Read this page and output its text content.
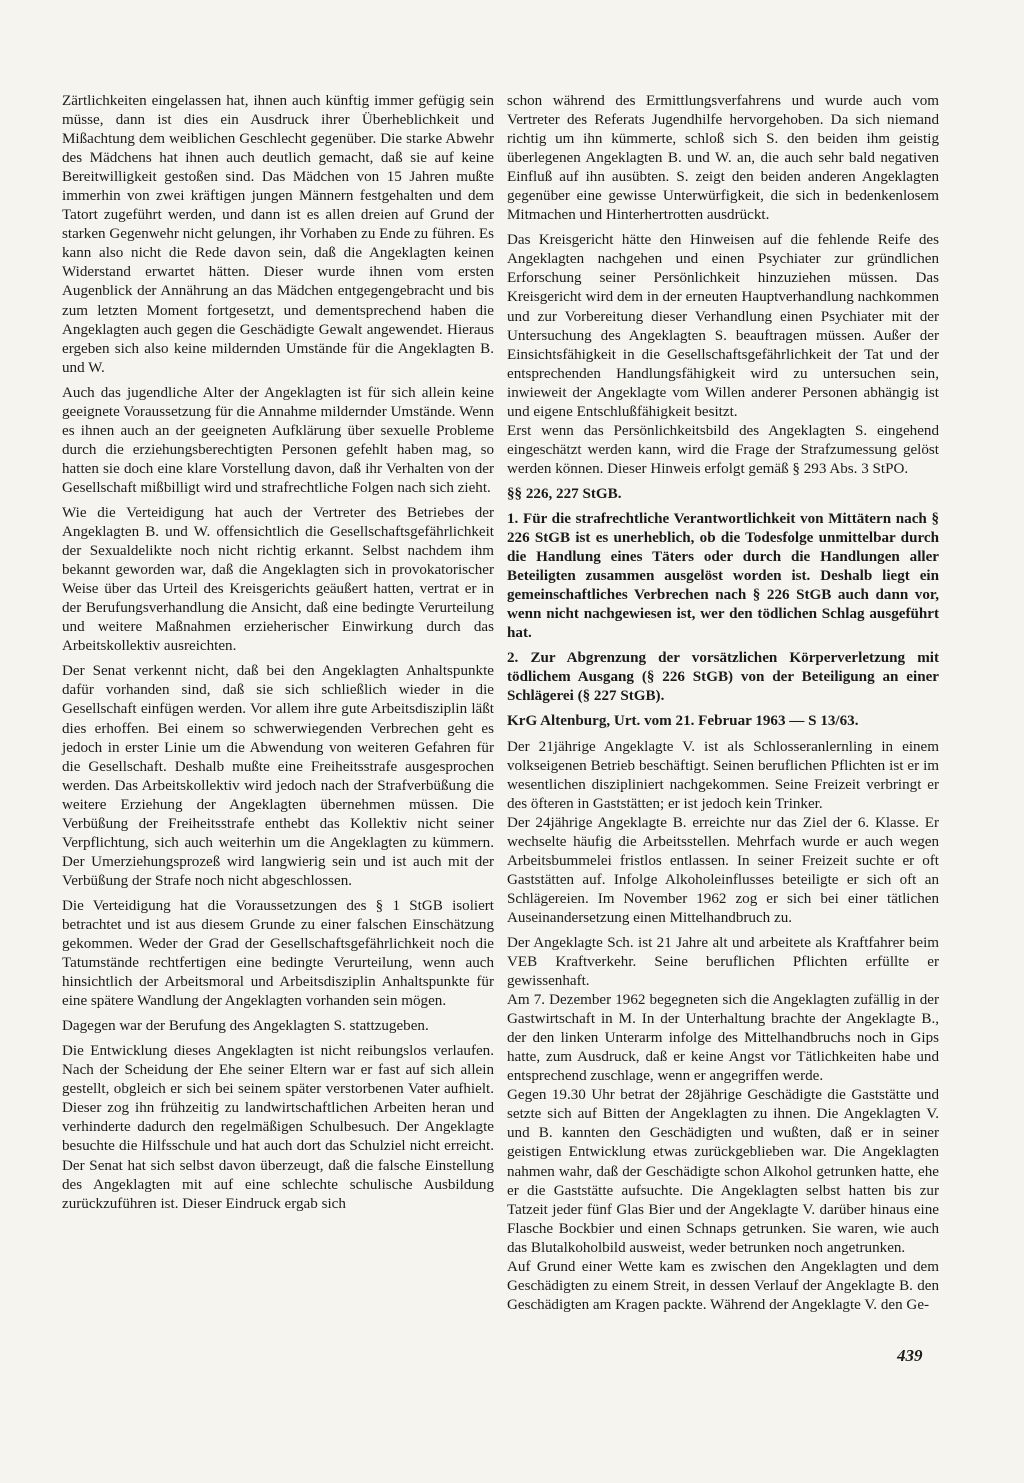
Zärtlichkeiten eingelassen hat, ihnen auch künftig immer gefügig sein müsse, dann ist dies ein Ausdruck ihrer Überheblichkeit und Mißachtung dem weiblichen Geschlecht gegenüber. Die starke Abwehr des Mädchens hat ihnen auch deutlich gemacht, daß sie auf keine Bereitwilligkeit gestoßen sind. Das Mädchen von 15 Jahren mußte immerhin von zwei kräftigen jungen Männern festgehalten und dem Tatort zugeführt werden, und dann ist es allen dreien auf Grund der starken Gegenwehr nicht gelungen, ihr Vorhaben zu Ende zu führen. Es kann also nicht die Rede davon sein, daß die Angeklagten keinen Widerstand erwartet hätten. Dieser wurde ihnen vom ersten Augenblick der Annährung an das Mädchen entgegengebracht und bis zum letzten Moment fortgesetzt, und dementsprechend haben die Angeklagten auch gegen die Geschädigte Gewalt angewendet. Hieraus ergeben sich also keine mildernden Umstände für die Angeklagten B. und W.

Auch das jugendliche Alter der Angeklagten ist für sich allein keine geeignete Voraussetzung für die Annahme mildernder Umstände. Wenn es ihnen auch an der geeigneten Aufklärung über sexuelle Probleme durch die erziehungsberechtigten Personen gefehlt haben mag, so hatten sie doch eine klare Vorstellung davon, daß ihr Verhalten von der Gesellschaft mißbilligt wird und strafrechtliche Folgen nach sich zieht.

Wie die Verteidigung hat auch der Vertreter des Betriebes der Angeklagten B. und W. offensichtlich die Gesellschaftsgefährlichkeit der Sexualdelikte noch nicht richtig erkannt. Selbst nachdem ihm bekannt geworden war, daß die Angeklagten sich in provokatorischer Weise über das Urteil des Kreisgerichts geäußert hatten, vertrat er in der Berufungsverhandlung die Ansicht, daß eine bedingte Verurteilung und weitere Maßnahmen erzieherischer Einwirkung durch das Arbeitskollektiv ausreichten.

Der Senat verkennt nicht, daß bei den Angeklagten Anhaltspunkte dafür vorhanden sind, daß sie sich schließlich wieder in die Gesellschaft einfügen werden. Vor allem ihre gute Arbeitsdisziplin läßt dies erhoffen. Bei einem so schwerwiegenden Verbrechen geht es jedoch in erster Linie um die Abwendung von weiteren Gefahren für die Gesellschaft. Deshalb mußte eine Freiheitsstrafe ausgesprochen werden. Das Arbeitskollektiv wird jedoch nach der Strafverbüßung die weitere Erziehung der Angeklagten übernehmen müssen. Die Verbüßung der Freiheitsstrafe enthebt das Kollektiv nicht seiner Verpflichtung, sich auch weiterhin um die Angeklagten zu kümmern. Der Umerziehungsprozeß wird langwierig sein und ist auch mit der Verbüßung der Strafe noch nicht abgeschlossen.

Die Verteidigung hat die Voraussetzungen des § 1 StGB isoliert betrachtet und ist aus diesem Grunde zu einer falschen Einschätzung gekommen. Weder der Grad der Gesellschaftsgefährlichkeit noch die Tatumstände rechtfertigen eine bedingte Verurteilung, wenn auch hinsichtlich der Arbeitsmoral und Arbeitsdisziplin Anhaltspunkte für eine spätere Wandlung der Angeklagten vorhanden sein mögen.

Dagegen war der Berufung des Angeklagten S. stattzugeben.

Die Entwicklung dieses Angeklagten ist nicht reibungslos verlaufen. Nach der Scheidung der Ehe seiner Eltern war er fast auf sich allein gestellt, obgleich er sich bei seinem später verstorbenen Vater aufhielt. Dieser zog ihn frühzeitig zu landwirtschaftlichen Arbeiten heran und verhinderte dadurch den regelmäßigen Schulbesuch. Der Angeklagte besuchte die Hilfsschule und hat auch dort das Schulziel nicht erreicht. Der Senat hat sich selbst davon überzeugt, daß die falsche Einstellung des Angeklagten mit auf eine schlechte schulische Ausbildung zurückzuführen ist. Dieser Eindruck ergab sich

schon während des Ermittlungsverfahrens und wurde auch vom Vertreter des Referats Jugendhilfe hervorgehoben. Da sich niemand richtig um ihn kümmerte, schloß sich S. den beiden ihm geistig überlegenen Angeklagten B. und W. an, die auch sehr bald negativen Einfluß auf ihn ausübten. S. zeigt den beiden anderen Angeklagten gegenüber eine gewisse Unterwürfigkeit, die sich in bedenkenlosem Mitmachen und Hinterhertrotten ausdrückt.

Das Kreisgericht hätte den Hinweisen auf die fehlende Reife des Angeklagten nachgehen und einen Psychiater zur gründlichen Erforschung seiner Persönlichkeit hinzuziehen müssen. Das Kreisgericht wird dem in der erneuten Hauptverhandlung nachkommen und zur Vorbereitung dieser Verhandlung einen Psychiater mit der Untersuchung des Angeklagten S. beauftragen müssen. Außer der Einsichtsfähigkeit in die Gesellschaftsgefährlichkeit der Tat und der entsprechenden Handlungsfähigkeit wird zu untersuchen sein, inwieweit der Angeklagte vom Willen anderer Personen abhängig ist und eigene Entschlußfähigkeit besitzt.

Erst wenn das Persönlichkeitsbild des Angeklagten S. eingehend eingeschätzt werden kann, wird die Frage der Strafzumessung gelöst werden können. Dieser Hinweis erfolgt gemäß § 293 Abs. 3 StPO.

§§ 226, 227 StGB.

1. Für die strafrechtliche Verantwortlichkeit von Mittätern nach § 226 StGB ist es unerheblich, ob die Todesfolge unmittelbar durch die Handlung eines Täters oder durch die Handlungen aller Beteiligten zusammen ausgelöst worden ist. Deshalb liegt ein gemeinschaftliches Verbrechen nach § 226 StGB auch dann vor, wenn nicht nachgewiesen ist, wer den tödlichen Schlag ausgeführt hat.

2. Zur Abgrenzung der vorsätzlichen Körperverletzung mit tödlichem Ausgang (§ 226 StGB) von der Beteiligung an einer Schlägerei (§ 227 StGB).

KrG Altenburg, Urt. vom 21. Februar 1963 — S 13/63.

Der 21jährige Angeklagte V. ist als Schlosseranlernling in einem volkseigenen Betrieb beschäftigt. Seinen beruflichen Pflichten ist er im wesentlichen diszipliniert nachgekommen. Seine Freizeit verbringt er des öfteren in Gaststätten; er ist jedoch kein Trinker.

Der 24jährige Angeklagte B. erreichte nur das Ziel der 6. Klasse. Er wechselte häufig die Arbeitsstellen. Mehrfach wurde er auch wegen Arbeitsbummelei fristlos entlassen. In seiner Freizeit suchte er oft Gaststätten auf. Infolge Alkoholeinflusses beteiligte er sich oft an Schlägereien. Im November 1962 zog er sich bei einer tätlichen Auseinandersetzung einen Mittelhandbruch zu.

Der Angeklagte Sch. ist 21 Jahre alt und arbeitete als Kraftfahrer beim VEB Kraftverkehr. Seine beruflichen Pflichten erfüllte er gewissenhaft.

Am 7. Dezember 1962 begegneten sich die Angeklagten zufällig in der Gastwirtschaft in M. In der Unterhaltung brachte der Angeklagte B., der den linken Unterarm infolge des Mittelhandbruchs noch in Gips hatte, zum Ausdruck, daß er keine Angst vor Tätlichkeiten habe und entsprechend zuschlage, wenn er angegriffen werde.

Gegen 19.30 Uhr betrat der 28jährige Geschädigte die Gaststätte und setzte sich auf Bitten der Angeklagten zu ihnen. Die Angeklagten V. und B. kannten den Geschädigten und wußten, daß er in seiner geistigen Entwicklung etwas zurückgeblieben war. Die Angeklagten nahmen wahr, daß der Geschädigte schon Alkohol getrunken hatte, ehe er die Gaststätte aufsuchte. Die Angeklagten selbst hatten bis zur Tatzeit jeder fünf Glas Bier und der Angeklagte V. darüber hinaus eine Flasche Bockbier und einen Schnaps getrunken. Sie waren, wie auch das Blutalkoholbild ausweist, weder betrunken noch angetrunken.

Auf Grund einer Wette kam es zwischen den Angeklagten und dem Geschädigten zu einem Streit, in dessen Verlauf der Angeklagte B. den Geschädigten am Kragen packte. Während der Angeklagte V. den Ge-

439
